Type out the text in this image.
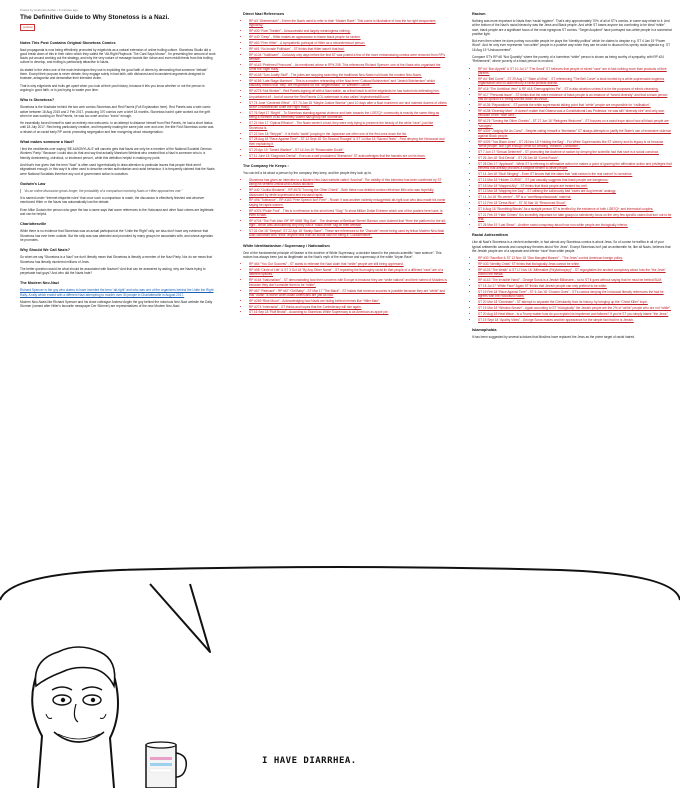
Posted by Unknown Author • 6 minutes ago
The Definitive Guide to Why Stonetoss is a Nazi.
political
Notes This Post Contains Original Stonetoss Comics

Nazi propaganda is now being effectively promoted by edgelords as a natural extension of online trolling culture. Stonetoss Studio did a good break down of this in their video which they called the “Alt-Right Playbook: The Card Says Moose”. I'm presenting the amount of work Nazis put around working out the strategy, and why the very nature of message boards like 4chan and even reddit feeds from this trolling culture to develop, and trolling is particularly attractive to Nazis.

As stated in the video one of the main techniques they use is exploiting the good faith of others by demanding that someone “debate” them. Except their purpose is never debate, they engage solely in bad faith, with dishonest and inconsistent arguments designed to frustrate, antagonise and demoralise their intended victim.

That is why edgelords and trolls get upset when you look at their post history, because it lets you know whether or not the person is arguing in good faith, or is just trying to waste your time.

Who is Stonetoss?

Stonetoss is the illustrator behind the two web comics Stonetoss and Red Panels (Full Explanation here). Red Panels was a web comic active between 18 Aug 2015 and 2 Feb 2017, producing 370 comics over a brief 18 months. Stonetoss hadn't quite worked out the grift when he was working on Red Panels, he was too overt and too “ironic” enough.

He essentially forced himself to start an entirely new webcomic. In an attempt to distance himself from Red Panels, he had a short hiatus until 18 July 2017. Red being particularly creative, and frequently making the same joke over and over, the title Fold Stonetoss comic was a rehash of an racist early RP comic promoting segregation and fear mongering about miscegenation.

What makes someone a Nazi?

I find the neoliberals over saying “BE ALBONYLALS’ will cancelo gets that Nazis are only be a member of the National Socialist German Workers’ Party.” Because I could also do that and say that actually Marsham Webbrat who created that a Nazi is someone who is ‘a friendly domineering, chiroticut, or intolerant person’, while this definition helpful in making my point.

And that's true given that the term “Nazi” is often used hyperbolically to draw attention to particular issues that people think aren't stigmatised enough. In this way it is often used to describe certain authoritarian and racist behaviour, it is frequently claimed that the Nazis were National Socialists therefore any sort of government action is socialism.

Godwin's Law
“As an online discussion grows longer, the probability of a comparison involving Nazis or Hitler approaches one.”

It is named under “Internet etiquette rules” that once such a comparison is made, the discussion is effectively finished and whoever mentioned Hitler or the Nazis has automatically lost the debate.

Even Mike Godwin the person who gave the law a name says that some references to the Holocaust and other Nazi crimes are legitimate and can be helpful.

Charlottesville

While there is no evidence that Stonetoss was an actual participant at the “Unite the Right” rally, we also don't have any evidence that Stonetoss has ever been outside. But the rally was was attended and promoted by many groups he associates with, and whose agendas he promotes.

Why Should We Call Nazis?

So when we say “Stonetoss is a Nazi” we don't literally mean that Stonetoss is literally a member of the Nazi Party. Nor do we mean that Stonetoss has literally murdered millions of Jews.

The better question would be what should be associated with Nazism? And that can be answered by asking, why are Nazis trying to perpetuate bad guys? And who did the Nazis hate?

The Modern Neo-Nazi

Richard Spencer is the guy who claims to have invented the term “alt-right” and who was one of the organizers behind the Unite the Right Rally. A rally which ended with a different Nazi attempting to murder over 30 people in Charlottesville in August 2017.

Modern Neo-Nazis like Richard Spencer and his close colleague Andrew Anglin the guy behind the notorious Neo-Nazi website the Daily Stormer (named after Hitler's favourite newspaper Der Stürmer) are representatives of the new Modern Neo-Nazi.

Direct Nazi References
• RP #3 “Übermensch” - It term the Nazis used to refer to their “Master Race”. This comic is illustrative of how the far right weaponises hypocrisy.
• RP #30 “Rom Theater” - Unsuccessful and largely meaningless nothing.
• RP #40 “Deep” - Hitler makes an appearance to blame black people for racism.
• RP #60 “Free Hitler” - A sympathetic portrayal of Hitler as a misunderstood person.
• RP #61 “No Invade Politician” - ST thinks that Hitler wasn't that bad.
• RP #104 “Trailblazer” - Curiously only days before the first ST was posted a few of the more embarrassing comics were removed from RP's website.
• RP #143 “Preferred Pronouns” - As mentioned above in RP# 208. This references Richard Spencer, one of the Nazis who organised the Unite the Right Rally.
• RP #148 “Turn Justify Stuff” - The jokes are stopping searching the traditional Neo-Nazis hold back the modern Neo-Nazis.
• RP #156 “Late Stage Marxism” - This is a modern rebranding of the Nazi term “Cultural Bolshevism” and “Jewish Bolshevism” which basically means that “they” are responsible for the “degeneration” of “Western Culture”.
• RP #278 “Not Worker” - Red Panels signing off with a Nazi salute, as a final insult to all the edgelords he has fooled into defending him.
• Unpublished #4 - And of course the Red Panels COL watermark is also called “doylecheeks88.com”.
• ST 74 June “Centered Effect” - ST 74 Jan 18 “Maybe Justice Warrior” (and 10 days after a Nazi murdered one and maimed dozens of others at the Charlottesville Unite the Right Rally).
• ST 76 Sept 17 “Bright” - To Stonetoss standing against violence and hate towards the LGBTQ+ community is exactly the same thing as being a member of an extremely violent nazi group like Stormfront.
• ST 21 Nov 17 “Optical Effusion” - The Nazis weren't a bad, they were only trying to preserve the beauty of the white “race”, just like Stonetoss is.
• ST 22 Nov 18 “Stripper” - It is that's “racist” pooping in the Japanese are often one of the first ones down the list.
• ST 28 Aug 18 “Race Against Time” - ST 12 Sept 18 “Do Second Thought” & ST 14 Mar 16 “Sacred Texts” - First denying the Holocaust and then explaining it.
• ST 29 Apr 19 “Tamed Warfare” - ST 14 Jun 19 “Reasonable Doubt”.
• ST 11 June 18 “Diagnosis Denial” - Even as a self proclaimed “libertarian” ST acknowledges that the fascists are on his team.
The Company He Keeps :

You can tell a lot about a person by the company they keep, and the people they look up to.

• Stonetoss has given an interview to a Modern Neo-Nazi website called “Anorhat”. The validity of this interview has been confirmed by ST using his verified Official Anal Discus account.
• RP #40 “Gorilla Mindsets” - RP #578 “Turning the Other Cheek” - Both these now deleted comics reference Milo who was hopefully disavowed by white supremacist and excused rapist.
• RP #96 “Tolerance” - RP #163 “Free Speech Isn't Free” - Roosh V was another violently misogynistic alt-right icon who also made his name saying he rapes women.
• RP #376 “Pickle Pool” - This is in reference to the short lived “Vlog” To show Million Dollar Extreme which one of the posters here have, is even a Nazi.
• RP #704 “The Fork Also Off” RP #565 “Big Gas” - The chairman of Breitbart Steven Bannon once claimed that “Here the platform for the alt-right”, which was undoubtedly why they had a “black crime” tag on their website.
• ST 31 Oct 18 “Seeptal”, ST 22 Apr 18 “Sanity Stare” - These are references to the “Ziomate” meme being used by fellow Modern Neo-Nazi Alan Sandman who “trolls” anyone less than an actual Nazi for being a “Cuckservative”.
White Identitarianism / Supremacy / Nationalism

One of the fundamental principle of Nazism is the doctrine of White Supremacy, a doctrine based in the pseudo-scientific “race science”. This racism has always been just as illegitimate as the Nazi's myth of the existence and supremacy of the white “Aryan Race”.

• RP #64 “You Our Success” - ST wants to reiterate the Nazi claim that “white” people are still being oppressed.
• RP #98 “Circle of Life” & ST 3 Oct 18 “By Any Other Name” - ST repeating the thoroughly racist lie that people of a different “race” are of a different species.
• RP #164 “Nationalism” - ST demonstrating how their concerns with Europe is because they are “white nations” and their hatred of Muslims is because they don't consider them to be “white”.
• RP #67 “Relevant” - RP #67 “Old Baby” - ST Mar 17 “The Black” - ST insists that revenue success is possible because they are “white” and that “Asian” is worse when Asian Americans are just as bad.
• RP #269 “Blue Moon” - Acknowledging how Nazis are hiding behind memes like “Hitler Man”.
• RP #274 “Interracial” - ST thinks and hopes that the Confederacy will rise again.
• ST 16 Sep 18 “Ruff Brutal” - According to Stonetoss White Supremacy is as American as apple pie.
Racism

Nothing was more important to Nazis than “racial hygiene”. That's why approximately 70% of all of ST's comics, in some way relate to it. And at the bottom of the Nazi's racial hierarchy was the Jews and Black people. And while ST bases anyone too comforting to be ideal “white” race, black people are a significant focus of the most egregious ST comics. “Target Acquired” have portrayed non-white people in a somewhat positive light.

But even then where he does portray non-white people he plays the “identity politics” which he claims to despise e.g. ST 4 Jan 19 “Power Word”. And he only ever represents “non-white” people in a positive way when they can be used to discount his openly racist agenda e.g. ST 16 Aug 19 “Undocumented”.

Compare ST's RP #8 “Not Quantity” where the poverty of a homeless “white” person is shown as being worthy of sympathy, with RP #24 “Refinement”, where poverty of a black person is mocked.

• RP #4 “Bon Appetit” & ST 10 Jul 17 “The Smell” ST believes that people of mixed “race” are in fact nothing more than products of their parents.
• RP #4 “Bell Curve” - ST 29 Aug 17 “State of Mind” - ST referencing “The Bell Curve” a book funded by a white supremacist eugenics organisation and co-authored by a racist political activist.
• RP #16 “The Umbilical Vein” & RP #18 “Demographics Pie” - ST is also abortion unless it is for the purposes of ethnic cleansing.
• RP #17 “Personal Issue” - ST thinks that the mere existence of black people is an instance of “forced diversity” and that a black person has an opinion it's “being shoved down his throat”.
• RP #136 “Reparations” - ST parrots the white supremacist talking point that “white” people are responsible for “civilisation”.
• RP #138 “Diversity Man” - It doesn't matter that Obama was a Constitutional Law Professor, he was still “diversity hire” and only won because of the “race card”.
• RP #176 “Turning the Other Cheeks” - ST 27 Jun 18 “Refugees Welcome” - ST focuses on a racist trope about how all black people are “savages”.
• RP #309 “Judging Be As Consi” - Despite calling himself a “libertarian” ST always attempts to justify the State's use of excessive violence against Black people.
• RP #309 “Two Black Lives” - ST 26 Nov 18 “Holding the Bag” - For White Supremacists like ST slavery and its legacy is ok because “white people” don't get enough credit for creating “Western Civilisation”.
• ST 7 Jun 17 “Sexual Deterrent” - ST promoting the doctrine of racism by denying the scientific fact that race is a social construct.
• ST 26 Jan 18 “Doll Denial” - ST 28 Jan 18 “Comb Room”.
• ST 28 Dec 17 “Applicant” - While ST is referring to affirmative action he makes a point of ignoring the affirmative action and privileges that benefits that already provides a tangible benefit to white people.
• ST 14 Jan 18 “Skull Slinging” - Even ST knows that the claim that “anti-racism is the real racism” is nonsense.
• ST 13 Mar 18 “Hidden CURSE” - ST just casually suggests that black people are dangerous.
• ST 18 Mar 18 “Mapped Ally” - ST thinks that black people are treated too well.
• ST 13 Mar 18 “Mapping the Day” - ST utilising the ludicrously bad “races are dog breeds” analogy.
• ST 14 Jul 18 “Re-center” - RP is a “overfflowpolissionals” material.
• ST 12 Feb 18 “Dress Blue” - ST 30 Mar 18 “Resourced Shoot”.
• ST 6 Aug 18 “Stumbling Blocks” As a straight person ST is terrified by the existence of both LGBTQ+ and interracial couples.
• ST 21 Feb 19 “Hate Crimes” It is incredibly important for hate groups to selectively focus on the very few specific cases that turn out to be real.
• ST 28 Mar 19 “Last Straw” - Another racist conspiracy about how non-white people are biologically inferior.
Racial Antisemitism

Like all Nazi's Stonetoss is a virulent antisemite, in fact almost any Stonetoss comics is about Jews. So of course he traffics in all of your typical antisemitic canards and conspiracy theories about “the Jews”. Except Stonetoss isn't just an antisemite he, like all Nazis, believes that the Jewish people are of a separate and inferior “race” than white people.

• RP #30 “Sacrifice & ST 12 Nov 18 “Star Mangled Banner” - “The Jews” control American foreign policy.
• RP #33 “Identity Crisis” ST thinks that biologically Jews cannot be white.
• RP #103 “The Wrath” & ST 17 Nov 18 “Affirmative (Re)Action(ary)” - ST regurgitates the ancient conspiracy about how the “the Jews” control the media.
• RP #143 “The Invisible Hand” - George Soros is a Jewish Billionaire... so to ST it goes without saying that he must be behind BLM.
• ST 15 Jul 17 “White Face” Again ST thinks that Jewish people can only pretend to be white.
• ST 19 Feb 18 “Race Against Time” - ST 6 Jun 18 “Chosen Ones” - ST's comics denying the holocaust literally references the fact he agrees with the Holocaust Nazis.
• ST 20 Mar 18 “Dominate” - ST attempt to separate the Christianity from its history, by bringing up the “Christ Killer” trope.
• ST 19 Mar 18 “Window Smash” - Again according to ST “biologically” the Jewish people are the 2% of “white” people who are not “white”.
• ST 20 Aug 18 Heat Wave - Is a Trump maker how do you explain his impotence and failures? If you're ST you simply blame “the Jews”.
• ST 19 Sept 18 “Apathy Vibes” - George Soros makes another appearance for the simple fact that he is Jewish.
Islamophobia

It has been suggested by several scholars that Muslims have replaced the Jews as the prime target of racist hatred.

I HAVE DIARRHEA.
